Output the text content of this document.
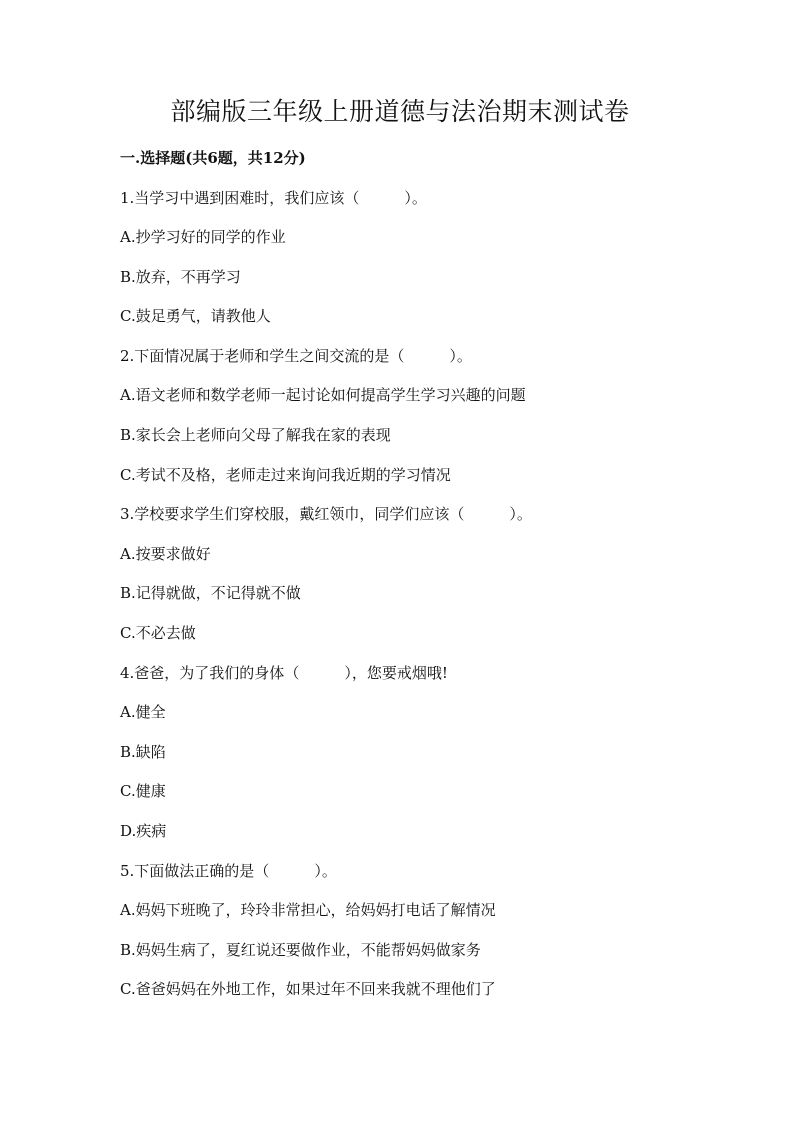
部编版三年级上册道德与法治期末测试卷
一.选择题(共6题，共12分)
1.当学习中遇到困难时，我们应该（　　　）。
A.抄学习好的同学的作业
B.放弃，不再学习
C.鼓足勇气，请教他人
2.下面情况属于老师和学生之间交流的是（　　　）。
A.语文老师和数学老师一起讨论如何提高学生学习兴趣的问题
B.家长会上老师向父母了解我在家的表现
C.考试不及格，老师走过来询问我近期的学习情况
3.学校要求学生们穿校服，戴红领巾，同学们应该（　　　）。
A.按要求做好
B.记得就做，不记得就不做
C.不必去做
4.爸爸，为了我们的身体（　　　），您要戒烟哦!
A.健全
B.缺陷
C.健康
D.疾病
5.下面做法正确的是（　　　）。
A.妈妈下班晚了，玲玲非常担心，给妈妈打电话了解情况
B.妈妈生病了，夏红说还要做作业，不能帮妈妈做家务
C.爸爸妈妈在外地工作，如果过年不回来我就不理他们了
